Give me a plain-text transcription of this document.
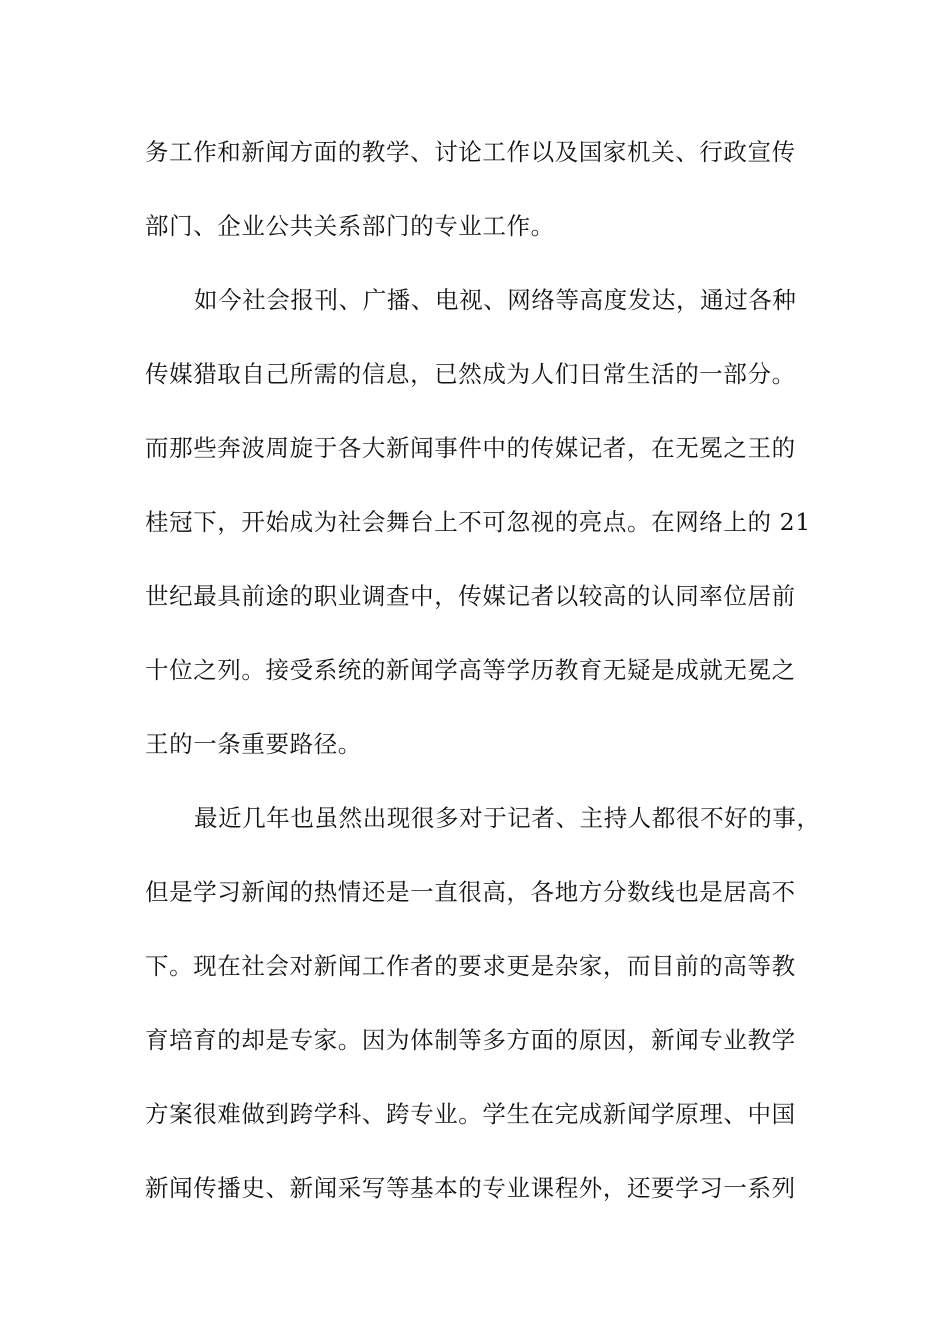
务工作和新闻方面的教学、讨论工作以及国家机关、行政宣传
部门、企业公共关系部门的专业工作。
如今社会报刊、广播、电视、网络等高度发达，通过各种
传媒猎取自己所需的信息，已然成为人们日常生活的一部分。
而那些奔波周旋于各大新闻事件中的传媒记者，在无冕之王的
桂冠下，开始成为社会舞台上不可忽视的亮点。在网络上的 21
世纪最具前途的职业调查中，传媒记者以较高的认同率位居前
十位之列。接受系统的新闻学高等学历教育无疑是成就无冕之
王的一条重要路径。
最近几年也虽然出现很多对于记者、主持人都很不好的事，
但是学习新闻的热情还是一直很高，各地方分数线也是居高不
下。现在社会对新闻工作者的要求更是杂家，而目前的高等教
育培育的却是专家。因为体制等多方面的原因，新闻专业教学
方案很难做到跨学科、跨专业。学生在完成新闻学原理、中国
新闻传播史、新闻采写等基本的专业课程外，还要学习一系列
